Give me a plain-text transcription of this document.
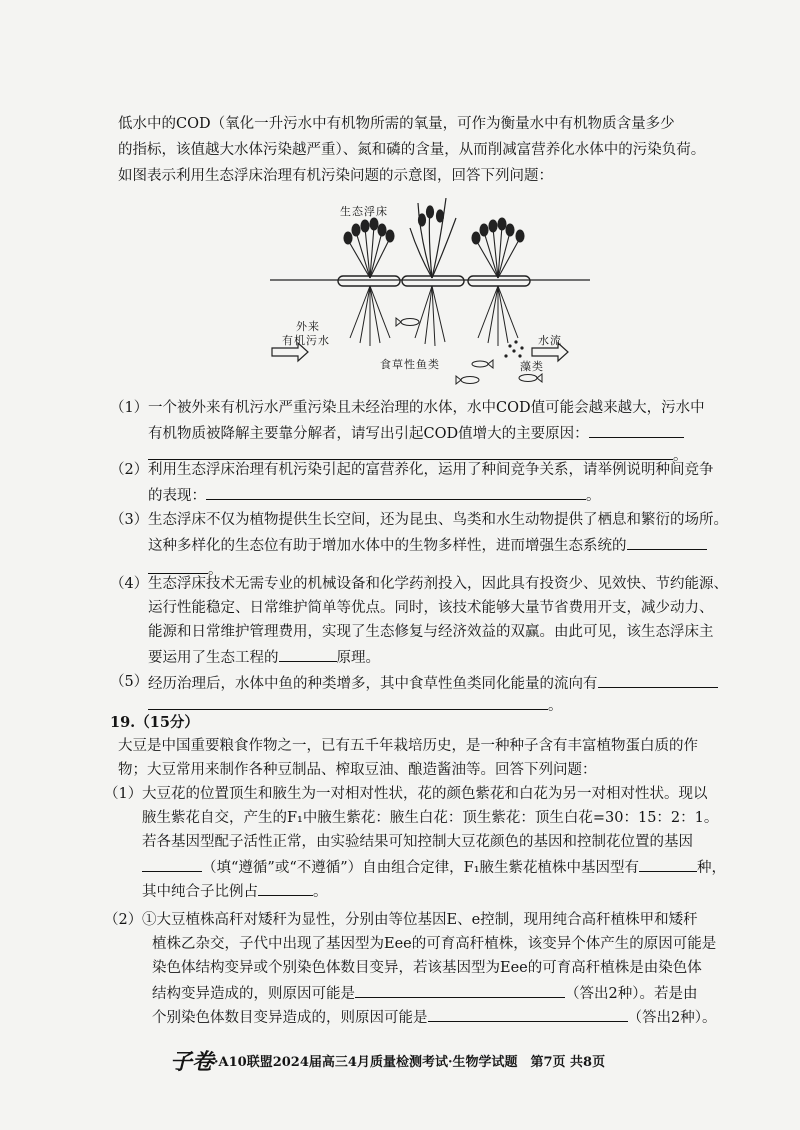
低水中的COD（氧化一升污水中有机物所需的氧量，可作为衡量水中有机物质含量多少
的指标，该值越大水体污染越严重）、氮和磷的含量，从而削减富营养化水体中的污染负荷。
如图表示利用生态浮床治理有机污染问题的示意图，回答下列问题：
生态浮床
外来
有机污水
食草性鱼类	藻类
水流
（1） 一个被外来有机污水严重污染且未经治理的水体，水中COD值可能会越来越大，污水中
有机物质被降解主要靠分解者，请写出引起COD值增大的主要原因：
。
（2） 利用生态浮床治理有机污染引起的富营养化，运用了种间竞争关系，请举例说明种间竞争
的表现：	。
（3） 生态浮床不仅为植物提供生长空间，还为昆虫、鸟类和水生动物提供了栖息和繁衍的场所。
这种多样化的生态位有助于增加水体中的生物多样性，进而增强生态系统的
。
（4） 生态浮床技术无需专业的机械设备和化学药剂投入，因此具有投资少、见效快、节约能源、
运行性能稳定、日常维护简单等优点。同时，该技术能够大量节省费用开支，减少动力、
能源和日常维护管理费用，实现了生态修复与经济效益的双赢。由此可见，该生态浮床主
要运用了生态工程的	原理。
（5） 经历治理后，水体中鱼的种类增多，其中食草性鱼类同化能量的流向有
。
19.（15分）
大豆是中国重要粮食作物之一，已有五千年栽培历史，是一种种子含有丰富植物蛋白质的作
物；大豆常用来制作各种豆制品、榨取豆油、酿造酱油等。回答下列问题：
（1） 大豆花的位置顶生和腋生为一对相对性状，花的颜色紫花和白花为另一对相对性状。现以
腋生紫花自交，产生的F₁中腋生紫花：腋生白花：顶生紫花：顶生白花=30：15：2：1。
若各基因型配子活性正常，由实验结果可知控制大豆花颜色的基因和控制花位置的基因
（填“遵循”或“不遵循”）自由组合定律，F₁腋生紫花植株中基因型有	种，
其中纯合子比例占	。
（2） ①大豆植株高秆对矮秆为显性，分别由等位基因E、e控制，现用纯合高秆植株甲和矮秆
植株乙杂交，子代中出现了基因型为Eee的可育高秆植株，该变异个体产生的原因可能是
染色体结构变异或个别染色体数目变异，若该基因型为Eee的可育高秆植株是由染色体
结构变异造成的，则原因可能是	（答出2种）。若是由
个别染色体数目变异造成的，则原因可能是	（答出2种）。
子卷·A10联盟2024届高三4月质量检测考试·生物学试题　第7页 共8页
